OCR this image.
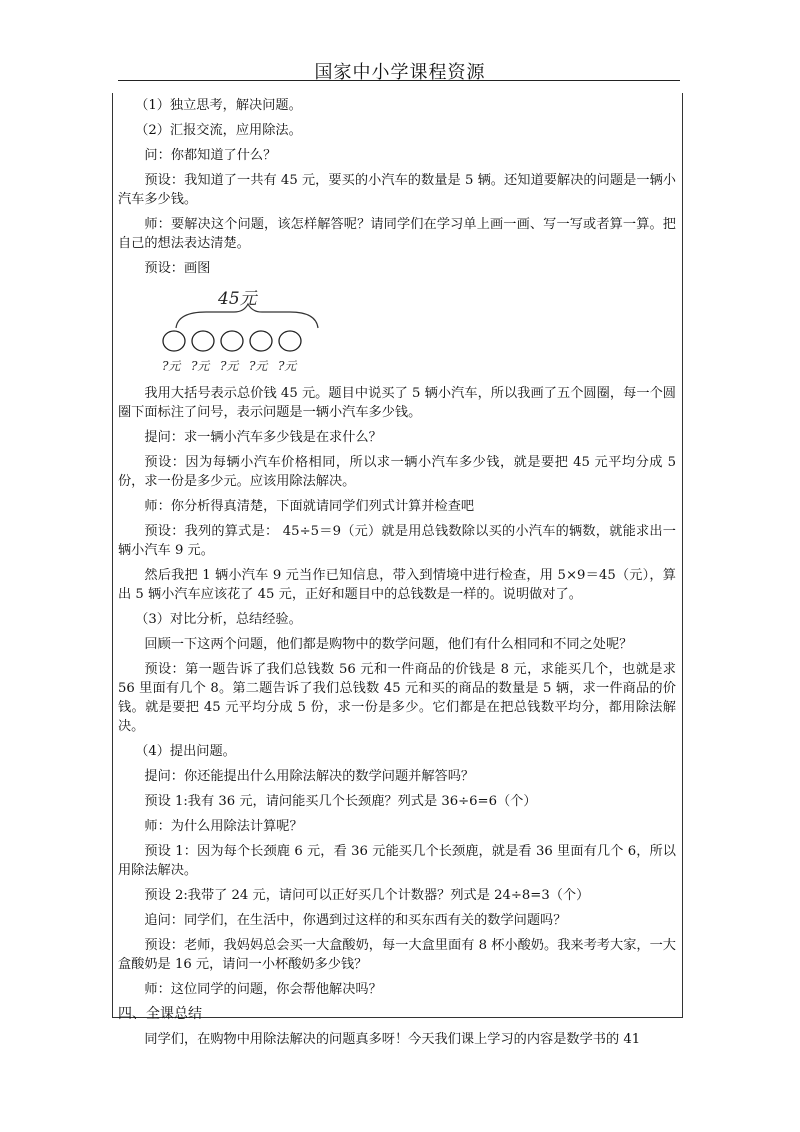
国家中小学课程资源

（1）独立思考，解决问题。

（2）汇报交流，应用除法。

问：你都知道了什么？

预设：我知道了一共有 45 元，要买的小汽车的数量是 5 辆。还知道要解决的问题是一辆小汽车多少钱。

师：要解决这个问题，该怎样解答呢？请同学们在学习单上画一画、写一写或者算一算。把自己的想法表达清楚。

预设：画图

45元
?元 ?元 ?元 ?元 ?元

我用大括号表示总价钱 45 元。题目中说买了 5 辆小汽车，所以我画了五个圆圈，每一个圆圈下面标注了问号，表示问题是一辆小汽车多少钱。

提问：求一辆小汽车多少钱是在求什么？

预设：因为每辆小汽车价格相同，所以求一辆小汽车多少钱，就是要把 45 元平均分成 5 份，求一份是多少元。应该用除法解决。

师：你分析得真清楚，下面就请同学们列式计算并检查吧

预设：我列的算式是： 45÷5＝9（元）就是用总钱数除以买的小汽车的辆数，就能求出一辆小汽车 9 元。

然后我把 1 辆小汽车 9 元当作已知信息，带入到情境中进行检查，用 5×9＝45（元），算出 5 辆小汽车应该花了 45 元，正好和题目中的总钱数是一样的。说明做对了。

（3）对比分析，总结经验。

回顾一下这两个问题，他们都是购物中的数学问题，他们有什么相同和不同之处呢？

预设：第一题告诉了我们总钱数 56 元和一件商品的价钱是 8 元，求能买几个，也就是求 56 里面有几个 8。第二题告诉了我们总钱数 45 元和买的商品的数量是 5 辆，求一件商品的价钱。就是要把 45 元平均分成 5 份，求一份是多少。它们都是在把总钱数平均分，都用除法解决。

（4）提出问题。

提问：你还能提出什么用除法解决的数学问题并解答吗？

预设 1:我有 36 元，请问能买几个长颈鹿？列式是 36÷6=6（个）

师：为什么用除法计算呢？

预设 1：因为每个长颈鹿 6 元，看 36 元能买几个长颈鹿，就是看 36 里面有几个 6，所以用除法解决。

预设 2:我带了 24 元，请问可以正好买几个计数器？列式是 24÷8=3（个）

追问：同学们，在生活中，你遇到过这样的和买东西有关的数学问题吗？

预设：老师，我妈妈总会买一大盒酸奶，每一大盒里面有 8 杯小酸奶。我来考考大家，一大盒酸奶是 16 元，请问一小杯酸奶多少钱？

师：这位同学的问题，你会帮他解决吗？

四、全课总结

同学们，在购物中用除法解决的问题真多呀！今天我们课上学习的内容是数学书的 41
